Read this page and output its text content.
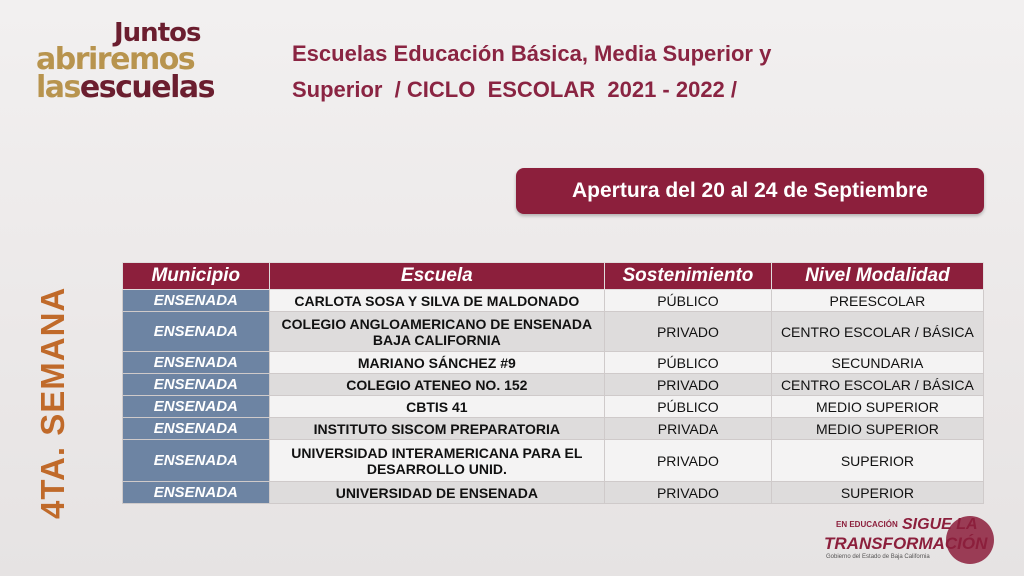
Juntos
abriremos
lasescuelas
Escuelas Educación Básica, Media Superior y
Superior  / CICLO  ESCOLAR  2021 - 2022 /
Apertura del 20 al 24 de Septiembre
4TA. SEMANA
Municipio	Escuela	Sostenimiento	Nivel Modalidad
ENSENADA	CARLOTA SOSA Y SILVA DE MALDONADO	PÚBLICO	PREESCOLAR
ENSENADA	COLEGIO ANGLOAMERICANO DE ENSENADA BAJA CALIFORNIA	PRIVADO	CENTRO ESCOLAR / BÁSICA
ENSENADA	MARIANO SÁNCHEZ #9	PÚBLICO	SECUNDARIA
ENSENADA	COLEGIO ATENEO NO. 152	PRIVADO	CENTRO ESCOLAR / BÁSICA
ENSENADA	CBTIS 41	PÚBLICO	MEDIO SUPERIOR
ENSENADA	INSTITUTO SISCOM PREPARATORIA	PRIVADA	MEDIO SUPERIOR
ENSENADA	UNIVERSIDAD INTERAMERICANA PARA EL DESARROLLO UNID.	PRIVADO	SUPERIOR
ENSENADA	UNIVERSIDAD DE ENSENADA	PRIVADO	SUPERIOR
EN EDUCACIÓN SIGUE LA
TRANSFORMACIÓN
Gobierno del Estado de Baja California
